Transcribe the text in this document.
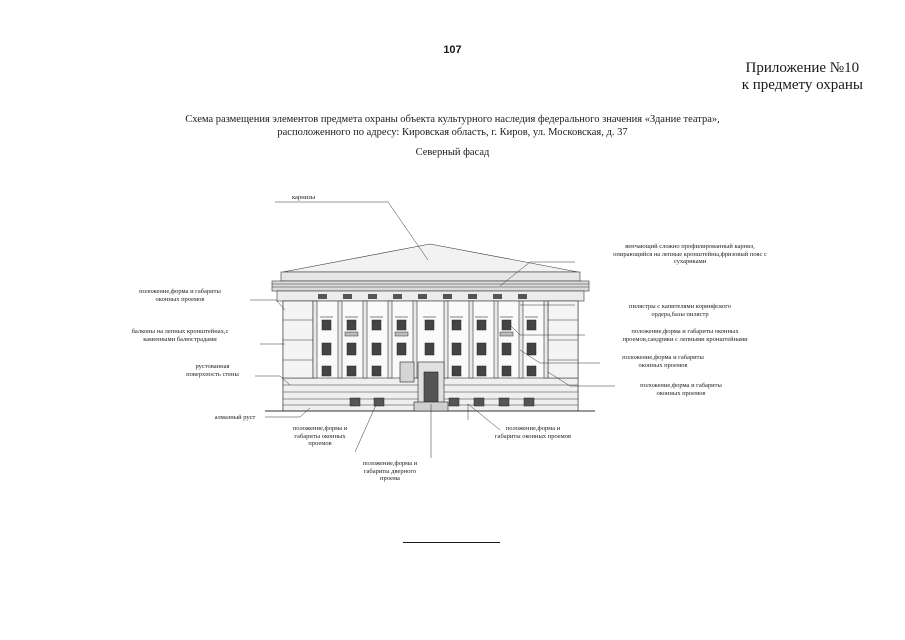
107
Приложение №10
к предмету охраны
Схема размещения элементов предмета охраны объекта культурного наследия федерального значения «Здание театра»,
расположенного по адресу: Кировская область, г. Киров, ул. Московская, д. 37
Северный фасад
карнизы
венчающий сложно профилированный карниз,
опирающийся на лепные кронштейны,фризовый пояс с
сухариками
пилястры с капителями коринфского
ордера,базы пилястр
положение,форма и габариты оконных
проемов,сандрики с лепными кронштейнами
положение,форма и габариты
оконных проемов
положение,форма и габариты
оконных проемов
положение,форма и габариты
оконных проемов
балконы на лепных кронштейнах,с
каменными балюстрадами
рустованная
поверхность стены
алмазный руст
положение,форма и
габариты оконных
проемов
положение,форма и
габариты дверного
проема
положение,форма и
габариты оконных проемов
